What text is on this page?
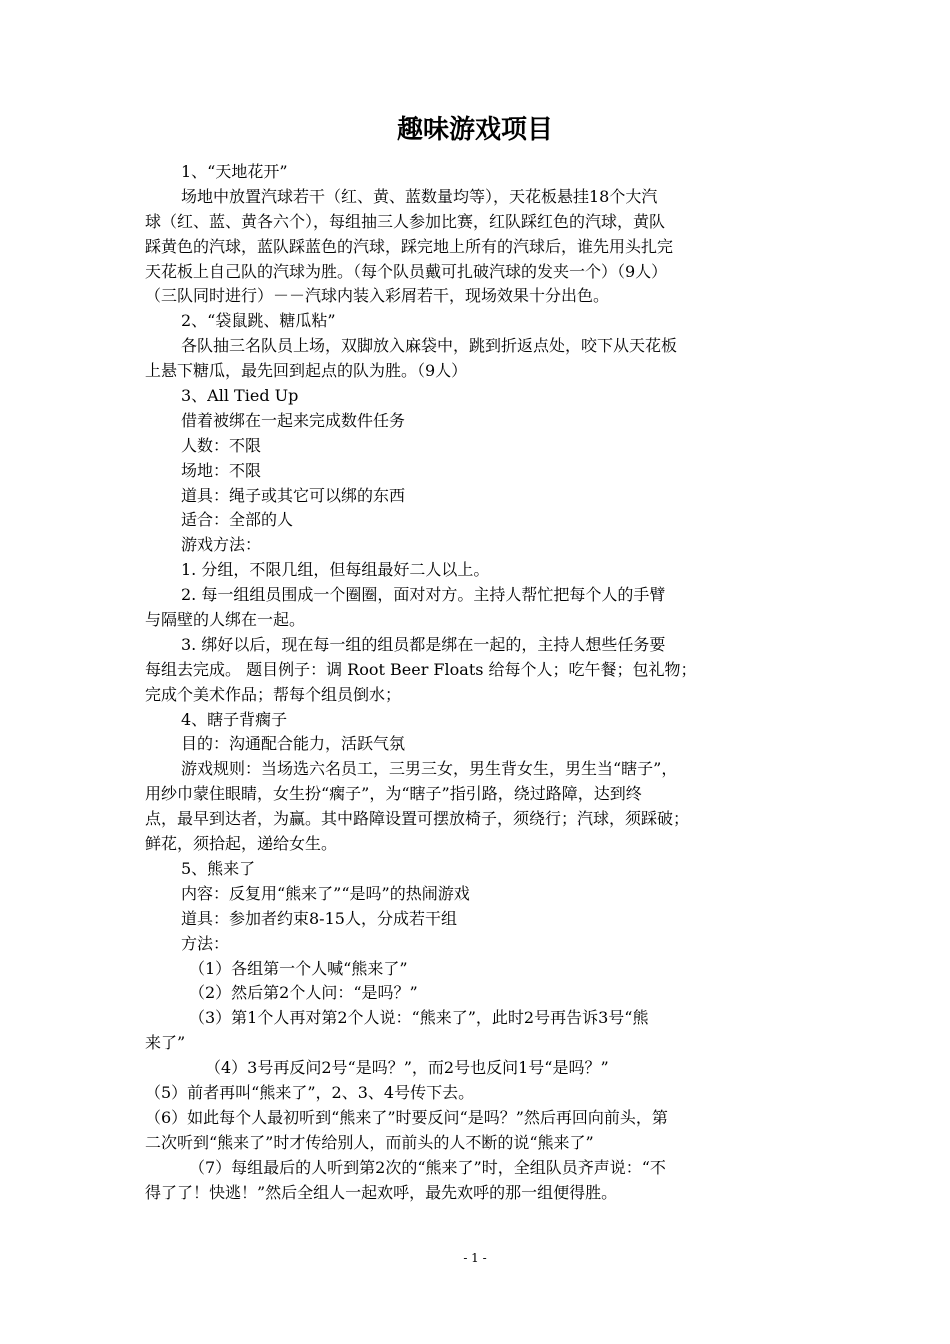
趣味游戏项目

1、“天地花开”

场地中放置汽球若干（红、黄、蓝数量均等），天花板悬挂18个大汽

球（红、蓝、黄各六个），每组抽三人参加比赛，红队踩红色的汽球，黄队

踩黄色的汽球，蓝队踩蓝色的汽球，踩完地上所有的汽球后，谁先用头扎完

天花板上自己队的汽球为胜。（每个队员戴可扎破汽球的发夹一个）（9人）

（三队同时进行）－－汽球内装入彩屑若干，现场效果十分出色。

2、“袋鼠跳、糖瓜粘”

各队抽三名队员上场，双脚放入麻袋中，跳到折返点处，咬下从天花板

上悬下糖瓜，最先回到起点的队为胜。（9人）

3、All Tied Up

借着被绑在一起来完成数件任务

人数：不限

场地：不限

道具：绳子或其它可以绑的东西

适合：全部的人

游戏方法：

1. 分组，不限几组，但每组最好二人以上。

2. 每一组组员围成一个圈圈，面对对方。主持人帮忙把每个人的手臂

与隔壁的人绑在一起。

3. 绑好以后，现在每一组的组员都是绑在一起的，主持人想些任务要

每组去完成。 题目例子：调 Root Beer Floats 给每个人；吃午餐；包礼物；

完成个美术作品；帮每个组员倒水；

4、瞎子背瘸子

目的：沟通配合能力，活跃气氛

游戏规则：当场选六名员工，三男三女，男生背女生，男生当“瞎子”，

用纱巾蒙住眼睛，女生扮“瘸子”，为“瞎子”指引路，绕过路障，达到终

点，最早到达者，为赢。其中路障设置可摆放椅子，须绕行；汽球，须踩破；

鲜花，须拾起，递给女生。

5、熊来了

内容：反复用“熊来了”“是吗”的热闹游戏

道具：参加者约束8-15人，分成若干组

方法：

（1）各组第一个人喊“熊来了”

（2）然后第2个人问：“是吗？”

（3）第1个人再对第2个人说：“熊来了”，此时2号再告诉3号“熊

来了”

（4）3号再反问2号“是吗？”，而2号也反问1号“是吗？”

（5）前者再叫“熊来了”，2、3、4号传下去。

（6）如此每个人最初听到“熊来了”时要反问“是吗？”然后再回向前头，第

二次听到“熊来了”时才传给别人，而前头的人不断的说“熊来了”

（7）每组最后的人听到第2次的“熊来了”时，全组队员齐声说：“不

得了了！快逃！”然后全组人一起欢呼，最先欢呼的那一组便得胜。

- 1 -
